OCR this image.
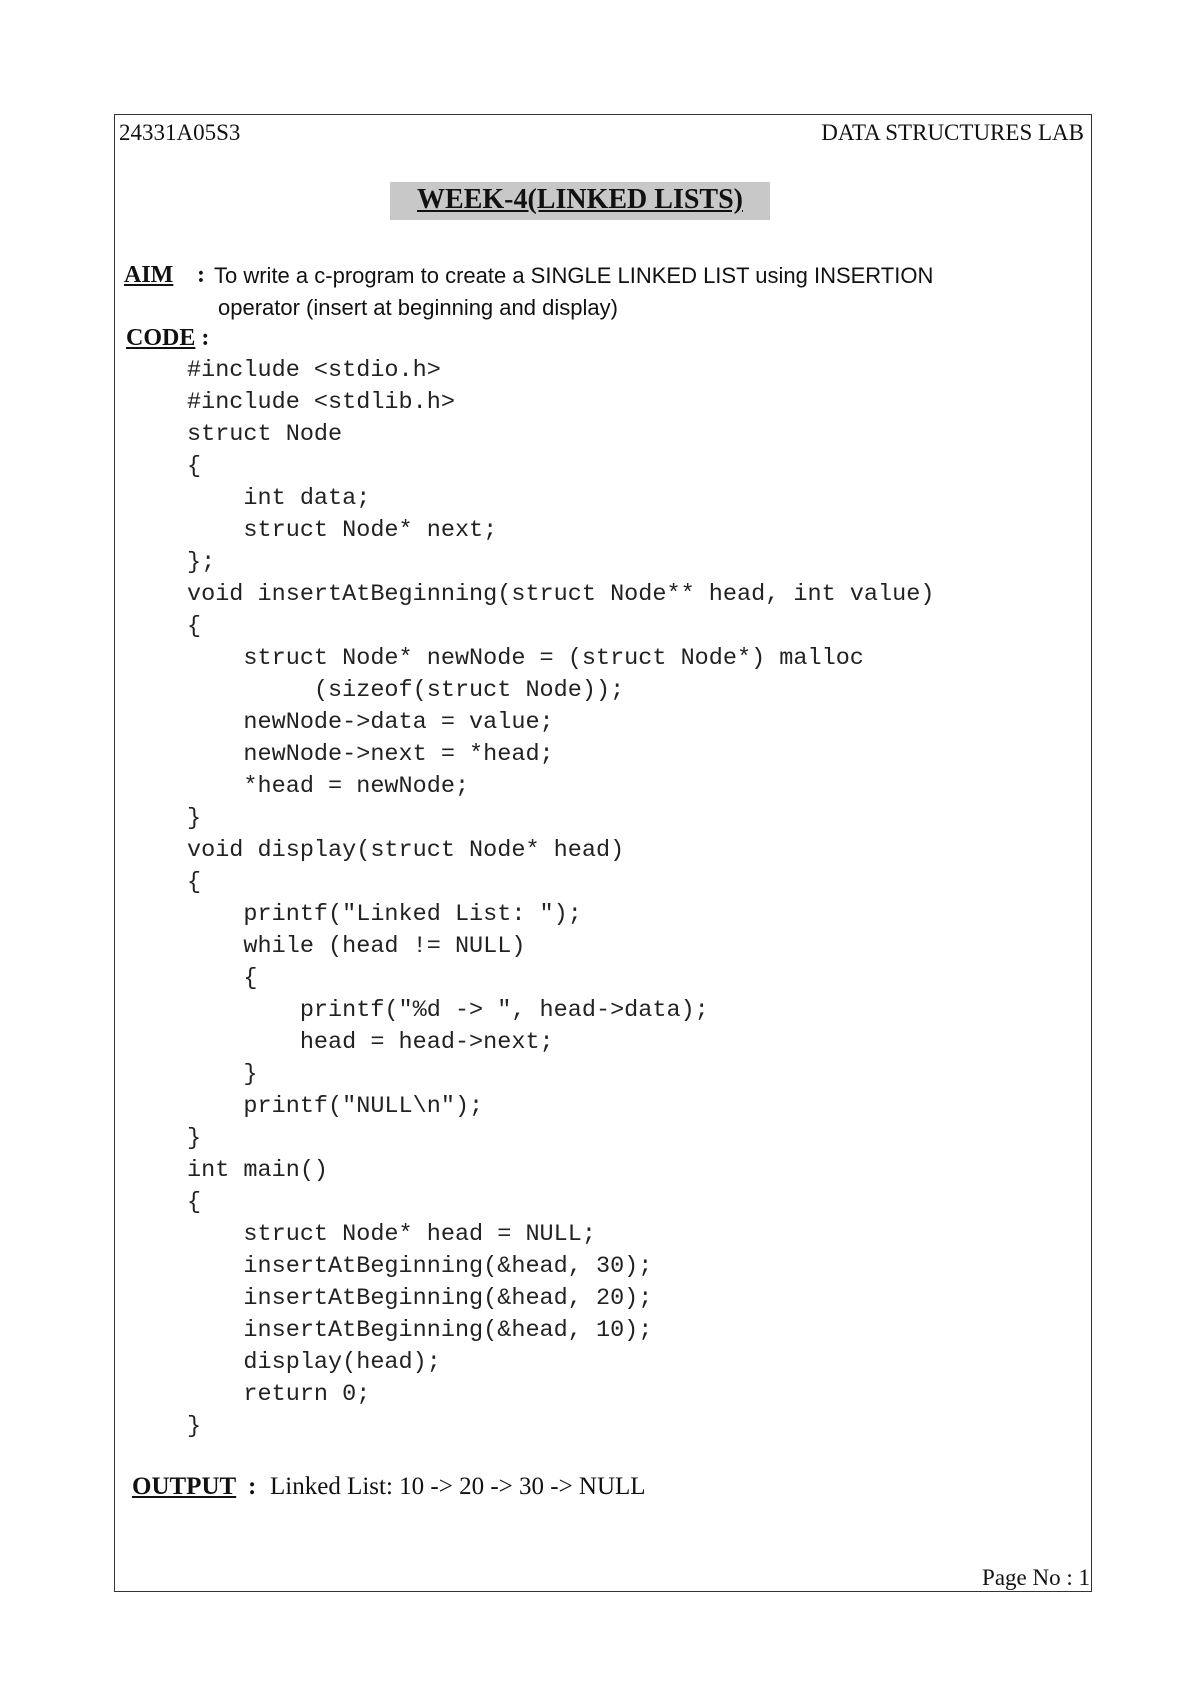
24331A05S3	DATA STRUCTURES LAB
WEEK-4(LINKED LISTS)
AIM : To write a c-program to create a SINGLE LINKED LIST using INSERTION
operator (insert at beginning and display)
CODE :
#include <stdio.h>
#include <stdlib.h>
struct Node
{
int data;
struct Node* next;
};
void insertAtBeginning(struct Node** head, int value)
{
struct Node* newNode = (struct Node*) malloc
(sizeof(struct Node));
newNode->data = value;
newNode->next = *head;
*head = newNode;
}
void display(struct Node* head)
{
printf("Linked List: ");
while (head != NULL)
{
printf("%d -> ", head->data);
head = head->next;
}
printf("NULL\n");
}
int main()
{
struct Node* head = NULL;
insertAtBeginning(&head, 30);
insertAtBeginning(&head, 20);
insertAtBeginning(&head, 10);
display(head);
return 0;
}
OUTPUT : Linked List: 10 -> 20 -> 30 -> NULL
Page No : 1
